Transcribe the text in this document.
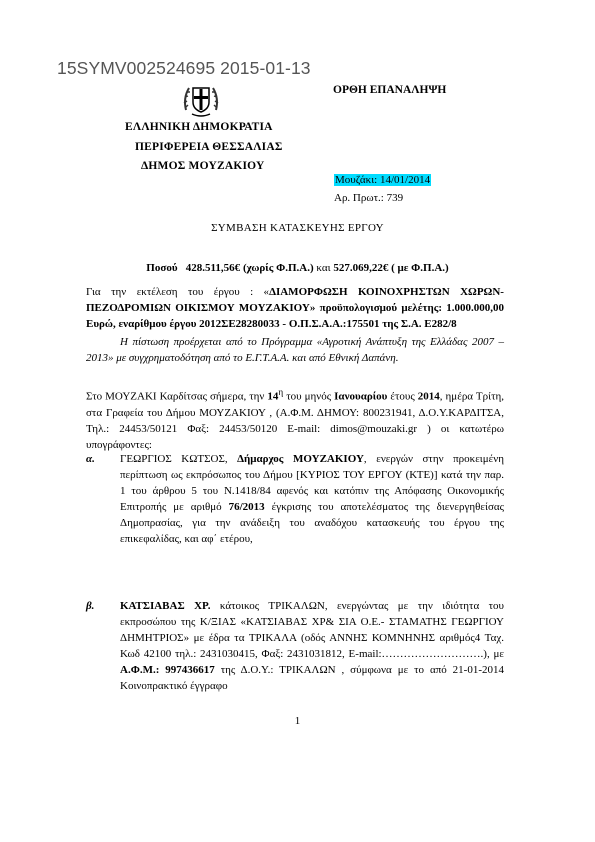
15SYMV002524695 2015-01-13
ΟΡΘΗ ΕΠΑΝΑΛΗΨΗ
ΕΛΛΗΝΙΚΗ ΔΗΜΟΚΡΑΤΙΑ
ΠΕΡΙΦΕΡΕΙΑ ΘΕΣΣΑΛΙΑΣ
ΔΗΜΟΣ ΜΟΥΖΑΚΙΟΥ
Μουζάκι: 14/01/2014
Αρ. Πρωτ.: 739
ΣΥΜΒΑΣΗ ΚΑΤΑΣΚΕΥΗΣ ΕΡΓΟΥ
Ποσού 428.511,56€ (χωρίς Φ.Π.Α.) και 527.069,22€ ( με Φ.Π.Α.)
Για την εκτέλεση του έργου : «ΔΙΑΜΟΡΦΩΣΗ ΚΟΙΝΟΧΡΗΣΤΩΝ ΧΩΡΩΝ-ΠΕΖΟΔΡΟΜΙΩΝ ΟΙΚΙΣΜΟΥ ΜΟΥΖΑΚΙΟΥ» προϋπολογισμού μελέτης: 1.000.000,00 Ευρώ, εναρίθμου έργου 2012ΣΕ28280033 - Ο.Π.Σ.Α.Α.:175501 της Σ.Α. Ε282/8
Η πίστωση προέρχεται από το Πρόγραμμα «Αγροτική Ανάπτυξη της Ελλάδας 2007 – 2013» με συγχρηματοδότηση από το Ε.Γ.Τ.Α.Α. και από Εθνική Δαπάνη.
Στο ΜΟΥΖΑΚΙ Καρδίτσας σήμερα, την $14^\eta$ του μηνός Ιανουαρίου έτους 2014, ημέρα Τρίτη, στα Γραφεία του Δήμου ΜΟΥΖΑΚΙΟΥ , (Α.Φ.Μ. ΔΗΜΟΥ: 800231941, Δ.Ο.Υ.ΚΑΡΔΙΤΣΑ, Τηλ.: 24453/50121 Φαξ: 24453/50120 E-mail: dimos@mouzaki.gr ) οι κατωτέρω υπογράφοντες:
α. ΓΕΩΡΓΙΟΣ ΚΩΤΣΟΣ, Δήμαρχος ΜΟΥΖΑΚΙΟΥ, ενεργών στην προκειμένη περίπτωση ως εκπρόσωπος του Δήμου [ΚΥΡΙΟΣ ΤΟΥ ΕΡΓΟΥ (ΚΤΕ)] κατά την παρ. 1 του άρθρου 5 του Ν.1418/84 αφενός και κατόπιν της Απόφασης Οικονομικής Επιτροπής με αριθμό 76/2013 έγκρισης του αποτελέσματος της διενεργηθείσας Δημοπρασίας, για την ανάδειξη του αναδόχου κατασκευής του έργου της επικεφαλίδας, και αφ΄ ετέρου,
β. ΚΑΤΣΙΑΒΑΣ ΧΡ. κάτοικος ΤΡΙΚΑΛΩΝ, ενεργώντας με την ιδιότητα του εκπροσώπου της Κ/ΞΙΑΣ «ΚΑΤΣΙΑΒΑΣ ΧΡ& ΣΙΑ Ο.Ε.- ΣΤΑΜΑΤΗΣ ΓΕΩΡΓΙΟΥ ΔΗΜΗΤΡΙΟΣ» με έδρα τα ΤΡΙΚΑΛΑ (οδός ΑΝΝΗΣ ΚΟΜΝΗΝΗΣ αριθμός4 Ταχ. Κωδ 42100 τηλ.: 2431030415, Φαξ: 2431031812, E-mail:……………………….), με Α.Φ.Μ.: 997436617 της Δ.Ο.Υ.: ΤΡΙΚΑΛΩΝ , σύμφωνα με το από 21-01-2014 Κοινοπρακτικό έγγραφο
1
